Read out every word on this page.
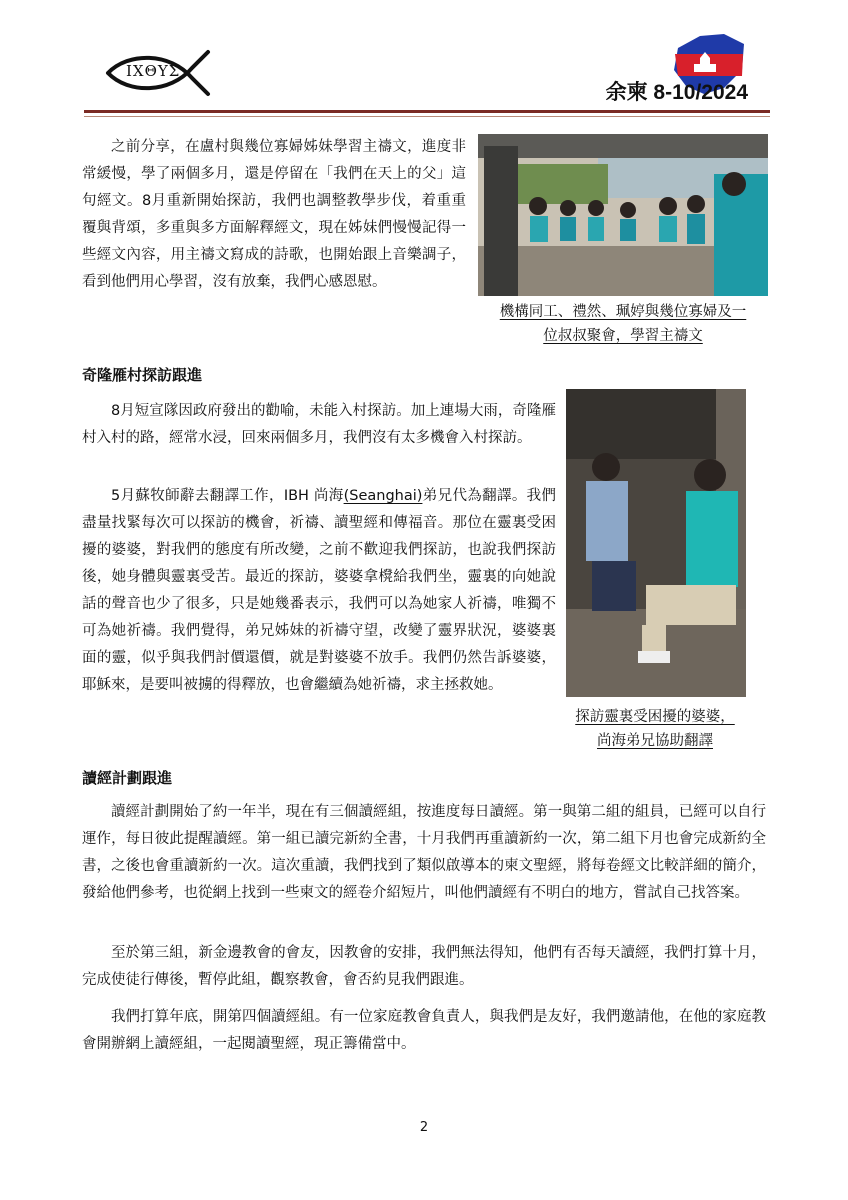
ΙΧΘΥΣ
余柬 8-10/2024

之前分享，在盧村與幾位寡婦姊妹學習主禱文，進度非常緩慢，學了兩個多月，還是停留在「我們在天上的父」這句經文。8月重新開始探訪，我們也調整教學步伐，着重重覆與背頌，多重與多方面解釋經文，現在姊妹們慢慢記得一些經文內容，用主禱文寫成的詩歌，也開始跟上音樂調子，看到他們用心學習，沒有放棄，我們心感恩慰。

機構同工、禮然、珮婷與幾位寡婦及一
位叔叔聚會，學習主禱文

奇隆雁村探訪跟進

8月短宣隊因政府發出的勸喻，未能入村探訪。加上連場大雨，奇隆雁村入村的路，經常水浸，回來兩個多月，我們沒有太多機會入村探訪。

5月蘇牧師辭去翻譯工作，IBH 尚海(Seanghai)弟兄代為翻譯。我們盡量找緊每次可以探訪的機會，祈禱、讀聖經和傳福音。那位在靈裏受困擾的婆婆，對我們的態度有所改變，之前不歡迎我們探訪，也說我們探訪後，她身體與靈裏受苦。最近的探訪，婆婆拿櫈給我們坐，靈裏的向她說話的聲音也少了很多，只是她幾番表示，我們可以為她家人祈禱，唯獨不可為她祈禱。我們覺得，弟兄姊妹的祈禱守望，改變了靈界狀況，婆婆裏面的靈，似乎與我們討價還價，就是對婆婆不放手。我們仍然告訴婆婆，耶穌來，是要叫被擄的得釋放，也會繼續為她祈禱，求主拯救她。

探訪靈裏受困擾的婆婆，
尚海弟兄協助翻譯

讀經計劃跟進

讀經計劃開始了約一年半，現在有三個讀經組，按進度每日讀經。第一與第二組的組員，已經可以自行運作，每日彼此提醒讀經。第一組已讀完新約全書，十月我們再重讀新約一次，第二組下月也會完成新約全書，之後也會重讀新約一次。這次重讀，我們找到了類似啟導本的柬文聖經，將每卷經文比較詳細的簡介，發給他們參考，也從網上找到一些柬文的經卷介紹短片，叫他們讀經有不明白的地方，嘗試自己找答案。

至於第三組，新金邊教會的會友，因教會的安排，我們無法得知，他們有否每天讀經，我們打算十月，完成使徒行傳後，暫停此組，觀察教會，會否約見我們跟進。

我們打算年底，開第四個讀經組。有一位家庭教會負責人，與我們是友好，我們邀請他，在他的家庭教會開辦網上讀經組，一起閱讀聖經，現正籌備當中。

2
